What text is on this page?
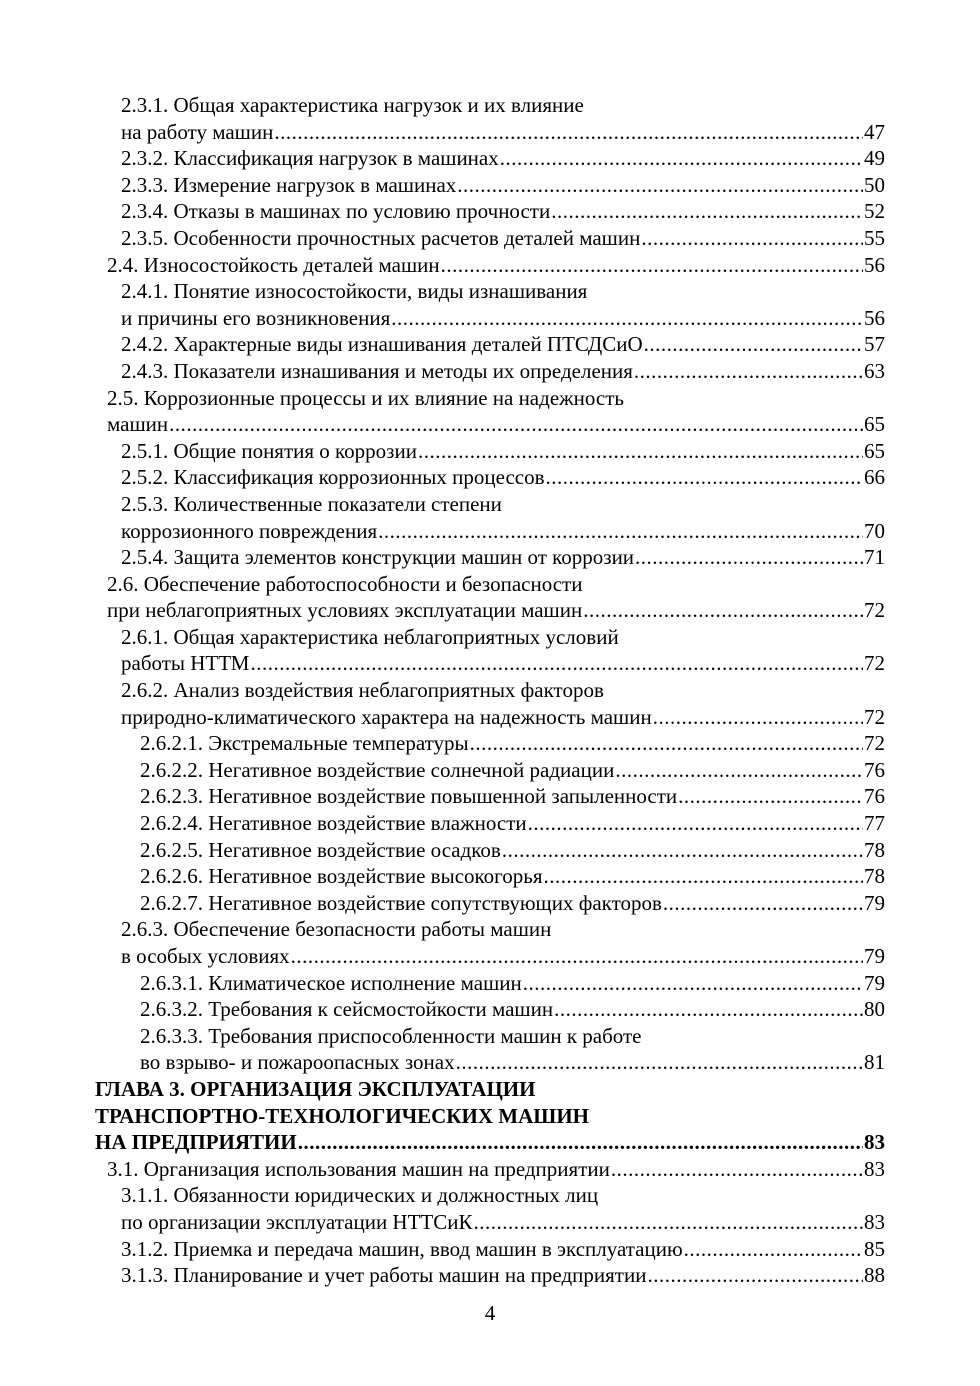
2.3.1. Общая характеристика нагрузок и их влияние
на работу машин .....	47
2.3.2. Классификация нагрузок в машинах .....	49
2.3.3. Измерение нагрузок в машинах .....	50
2.3.4. Отказы в машинах по условию прочности .....	52
2.3.5. Особенности прочностных расчетов деталей машин .....	55
2.4. Износостойкость деталей машин .....	56
2.4.1. Понятие износостойкости, виды изнашивания
и причины его возникновения .....	56
2.4.2. Характерные виды изнашивания деталей ПТСДСиО .....	57
2.4.3. Показатели изнашивания и методы их определения .....	63
2.5. Коррозионные процессы и их влияние на надежность
машин .....	65
2.5.1. Общие понятия о коррозии .....	65
2.5.2. Классификация коррозионных процессов .....	66
2.5.3. Количественные показатели степени
коррозионного повреждения .....	70
2.5.4. Защита элементов конструкции машин от коррозии .....	71
2.6. Обеспечение работоспособности и безопасности
при неблагоприятных условиях эксплуатации машин .....	72
2.6.1. Общая характеристика неблагоприятных условий
работы НТТМ .....	72
2.6.2. Анализ воздействия неблагоприятных факторов
природно-климатического характера на надежность машин .....	72
2.6.2.1. Экстремальные температуры .....	72
2.6.2.2. Негативное воздействие солнечной радиации .....	76
2.6.2.3. Негативное воздействие повышенной запыленности .....	76
2.6.2.4. Негативное воздействие влажности .....	77
2.6.2.5. Негативное воздействие осадков .....	78
2.6.2.6. Негативное воздействие высокогорья .....	78
2.6.2.7. Негативное воздействие сопутствующих факторов .....	79
2.6.3. Обеспечение безопасности работы машин
в особых условиях .....	79
2.6.3.1. Климатическое исполнение машин .....	79
2.6.3.2. Требования к сейсмостойкости машин .....	80
2.6.3.3. Требования приспособленности машин к работе
во взрыво- и пожароопасных зонах .....	81
ГЛАВА 3. ОРГАНИЗАЦИЯ ЭКСПЛУАТАЦИИ
ТРАНСПОРТНО-ТЕХНОЛОГИЧЕСКИХ МАШИН
НА ПРЕДПРИЯТИИ .....	83
3.1. Организация использования машин на предприятии .....	83
3.1.1. Обязанности юридических и должностных лиц
по организации эксплуатации НТТСиК .....	83
3.1.2. Приемка и передача машин, ввод машин в эксплуатацию .....	85
3.1.3. Планирование и учет работы машин на предприятии .....	88
4
